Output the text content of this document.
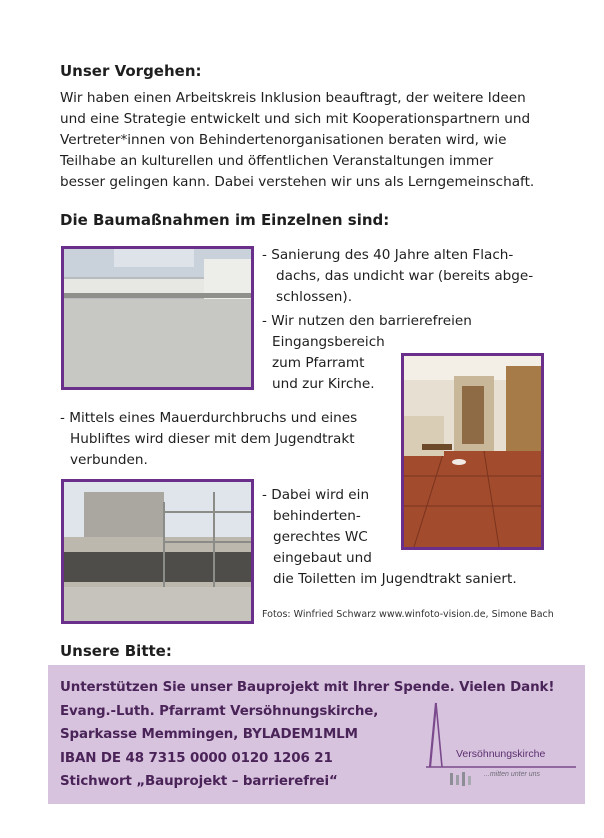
Unser Vorgehen:

Wir haben einen Arbeitskreis Inklusion beauftragt, der weitere Ideen

und eine Strategie entwickelt und sich mit Kooperationspartnern und

Vertreter*innen von Behindertenorganisationen beraten wird, wie

Teilhabe an kulturellen und öffentlichen Veranstaltungen immer

besser gelingen kann. Dabei verstehen wir uns als Lerngemeinschaft.

Die Baumaßnahmen im Einzelnen sind:
- Sanierung des 40 Jahre alten Flach-
dachs, das undicht war (bereits abge-
schlossen).
- Wir nutzen den barrierefreien
Eingangsbereich
zum Pfarramt
und zur Kirche.
- Mittels eines Mauerdurchbruchs und eines
Hubliftes wird dieser mit dem Jugendtrakt
verbunden.
- Dabei wird ein
behinderten-
gerechtes WC
eingebaut und
die Toiletten im Jugendtrakt saniert.
Fotos: Winfried Schwarz www.winfoto-vision.de, Simone Bach
Unsere Bitte:
Unterstützen Sie unser Bauprojekt mit Ihrer Spende. Vielen Dank!
Evang.-Luth. Pfarramt Versöhnungskirche,
Sparkasse Memmingen, BYLADEM1MLM
IBAN DE 48 7315 0000 0120 1206 21
Stichwort „Bauprojekt – barrierefrei“
Versöhnungskirche
...mitten unter uns
